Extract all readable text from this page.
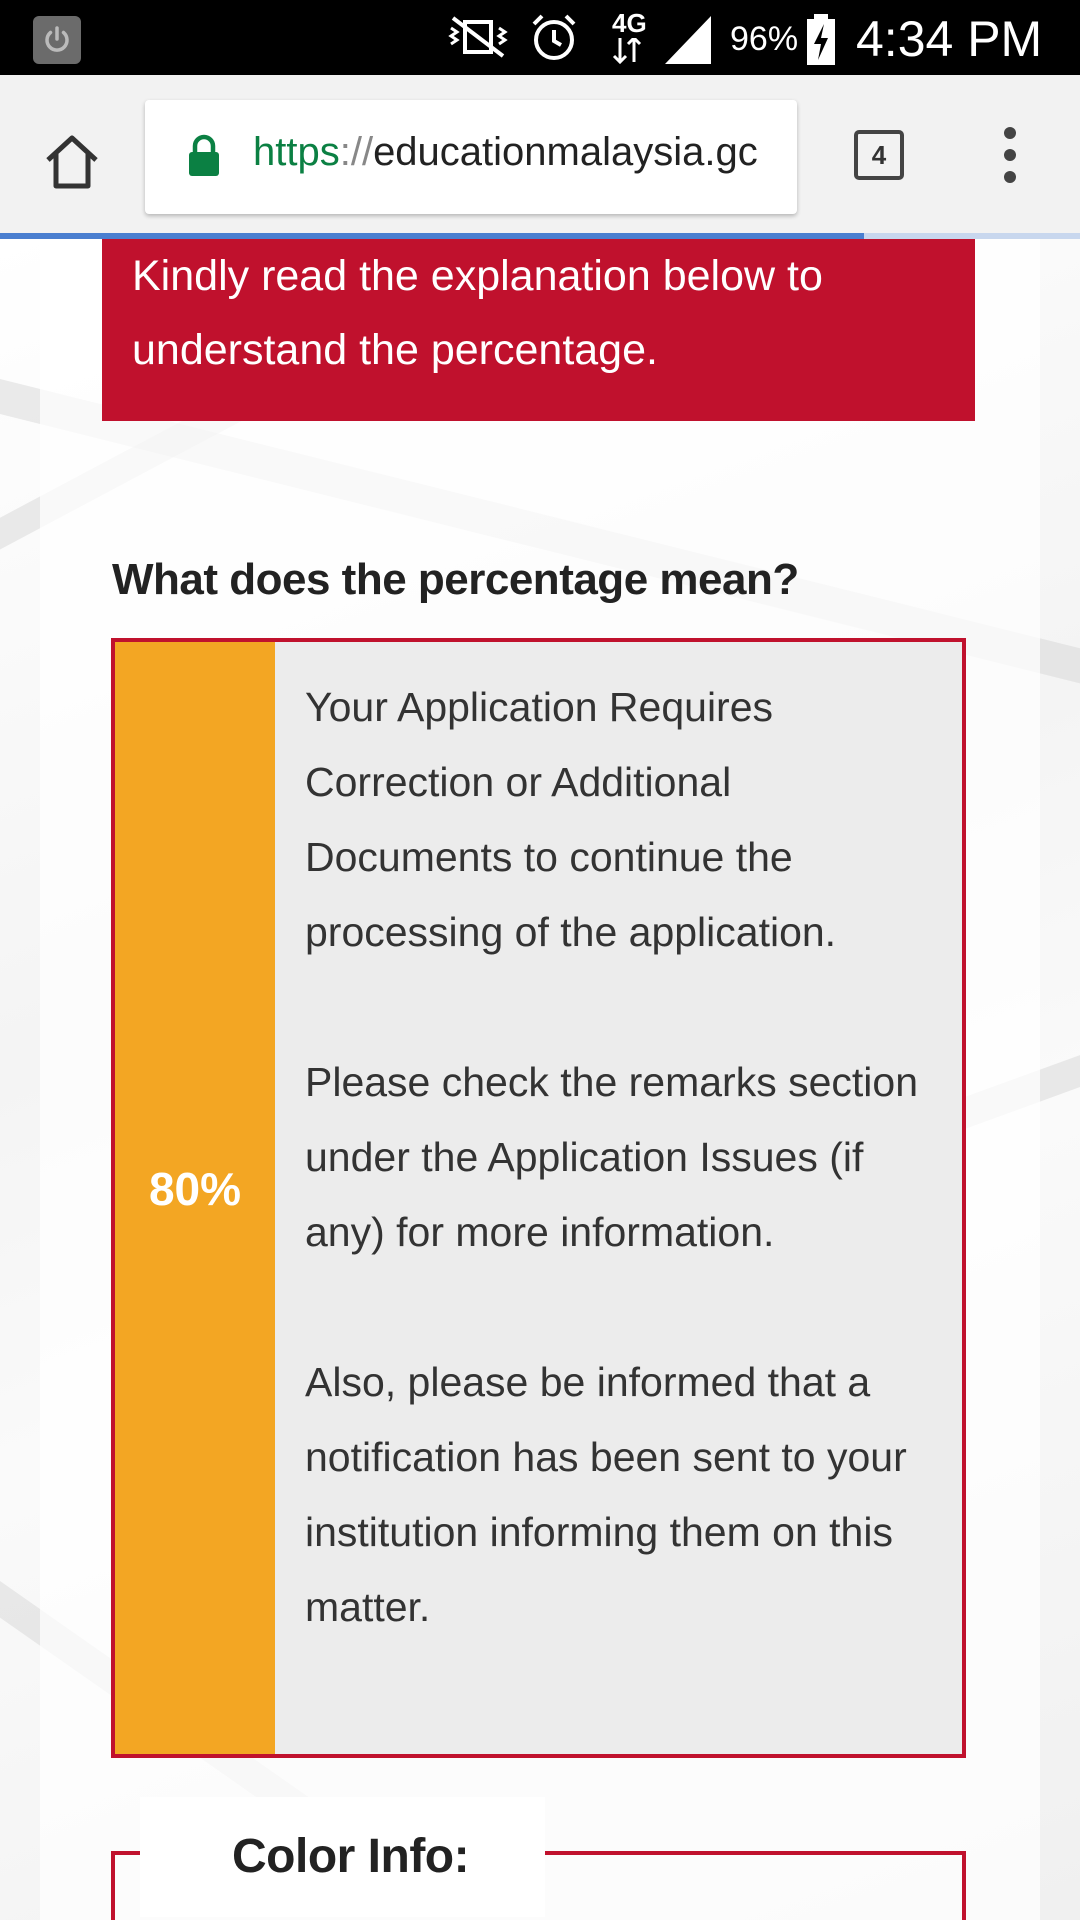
4G 96% 4:34 PM
https://educationmalaysia.gc	4

Kindly read the explanation below to understand the percentage.

What does the percentage mean?
80%

Your Application Requires Correction or Additional Documents to continue the processing of the application.

Please check the remarks section under the Application Issues (if any) for more information.

Also, please be informed that a notification has been sent to your institution informing them on this matter.

Color Info:
